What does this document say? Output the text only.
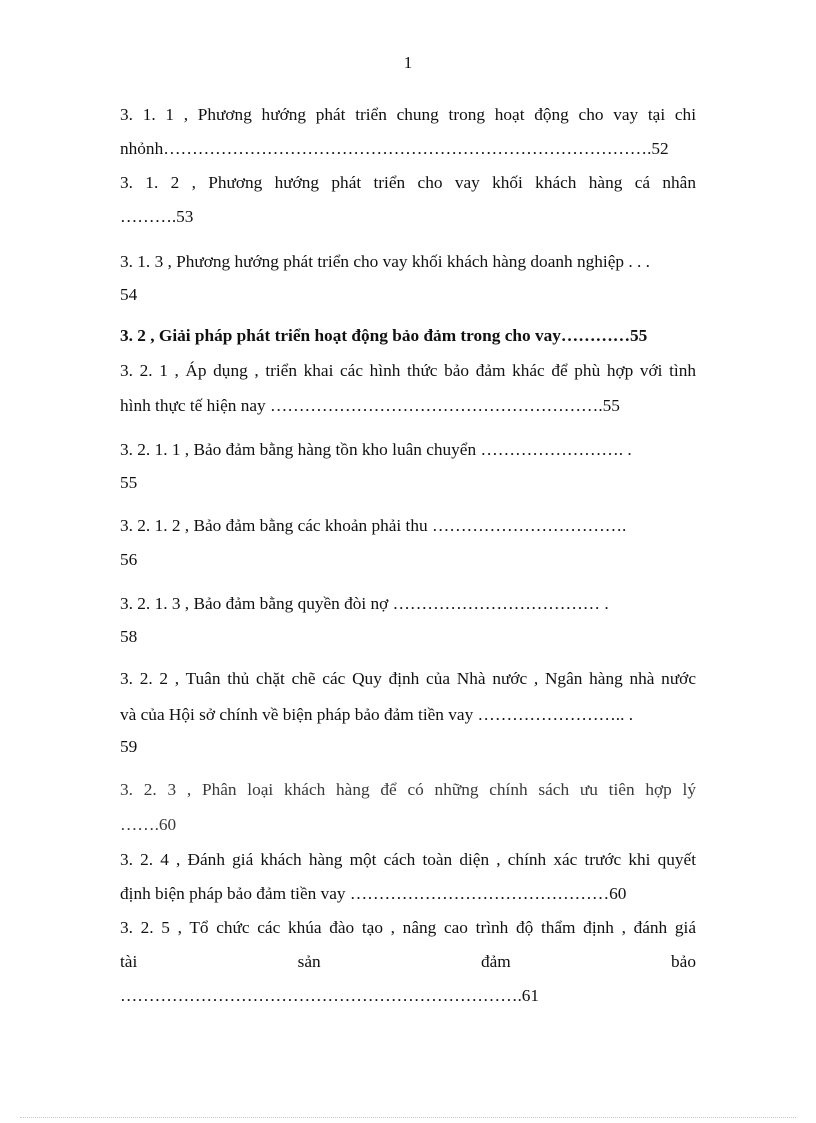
1
3. 1. 1 , Phương hướng phát triển chung trong hoạt động cho vay tại chi
nhỏnh………………………………………………………………………….52
3. 1. 2 , Phương hướng phát triển cho vay khối khách hàng cá nhân
……….53
3. 1. 3 , Phương hướng phát triển cho vay khối khách hàng doanh nghiệp . . .
54
3. 2 , Giải pháp phát triển hoạt động bảo đảm trong cho vay…………55
3. 2. 1 , Áp dụng , triển khai các hình thức bảo đảm khác để phù hợp với tình
hình thực tế hiện nay ………………………………………………….55
3. 2. 1. 1 , Bảo đảm bằng hàng tồn kho luân chuyển ……………………. .
55
3. 2. 1. 2 , Bảo đảm bằng các khoản phải thu …………………………….
56
3. 2. 1. 3 , Bảo đảm bằng quyền đòi nợ ……………………………… .
58
3. 2. 2 , Tuân thủ chặt chẽ các Quy định của Nhà nước , Ngân hàng nhà nước
và của Hội sở chính về biện pháp bảo đảm tiền vay …………………….. .
59
3. 2. 3 , Phân loại khách hàng để có những chính sách ưu tiên hợp lý
…….60
3. 2. 4 , Đánh giá khách hàng một cách toàn diện , chính xác trước khi quyết
định biện pháp bảo đảm tiền vay ………………………………………60
3. 2. 5 , Tổ chức các khúa đào tạo , nâng cao trình độ thẩm định , đánh giá
tài sản đảm bảo
…………………………………………………………….61
